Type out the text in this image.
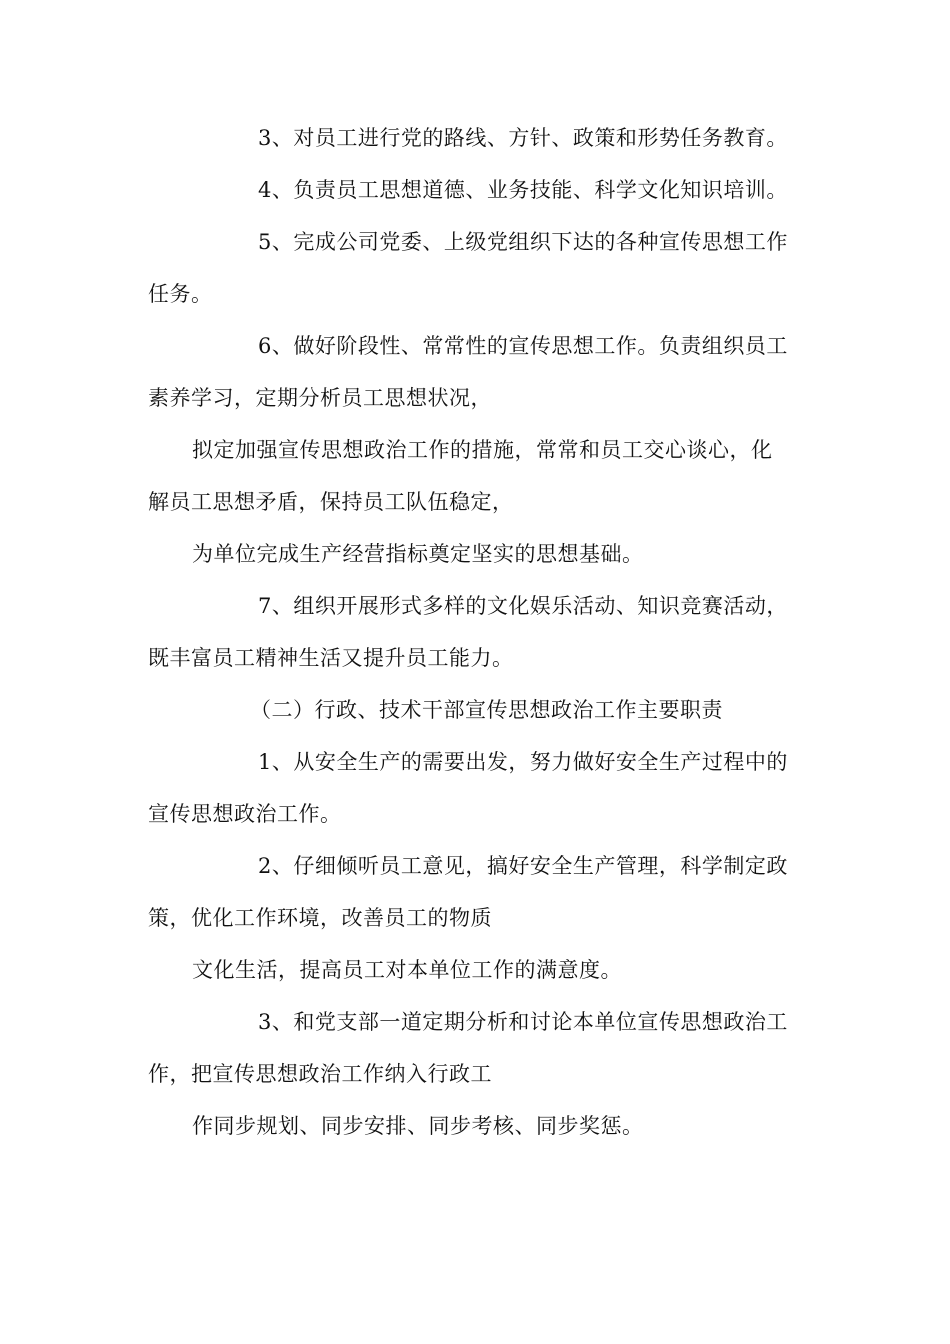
3、对员工进行党的路线、方针、政策和形势任务教育。
4、负责员工思想道德、业务技能、科学文化知识培训。
5、完成公司党委、上级党组织下达的各种宣传思想工作
任务。
6、做好阶段性、常常性的宣传思想工作。负责组织员工
素养学习，定期分析员工思想状况，
拟定加强宣传思想政治工作的措施，常常和员工交心谈心，化
解员工思想矛盾，保持员工队伍稳定，
为单位完成生产经营指标奠定坚实的思想基础。
7、组织开展形式多样的文化娱乐活动、知识竞赛活动，
既丰富员工精神生活又提升员工能力。
（二）行政、技术干部宣传思想政治工作主要职责
1、从安全生产的需要出发，努力做好安全生产过程中的
宣传思想政治工作。
2、仔细倾听员工意见，搞好安全生产管理，科学制定政
策，优化工作环境，改善员工的物质
文化生活，提高员工对本单位工作的满意度。
3、和党支部一道定期分析和讨论本单位宣传思想政治工
作，把宣传思想政治工作纳入行政工
作同步规划、同步安排、同步考核、同步奖惩。
